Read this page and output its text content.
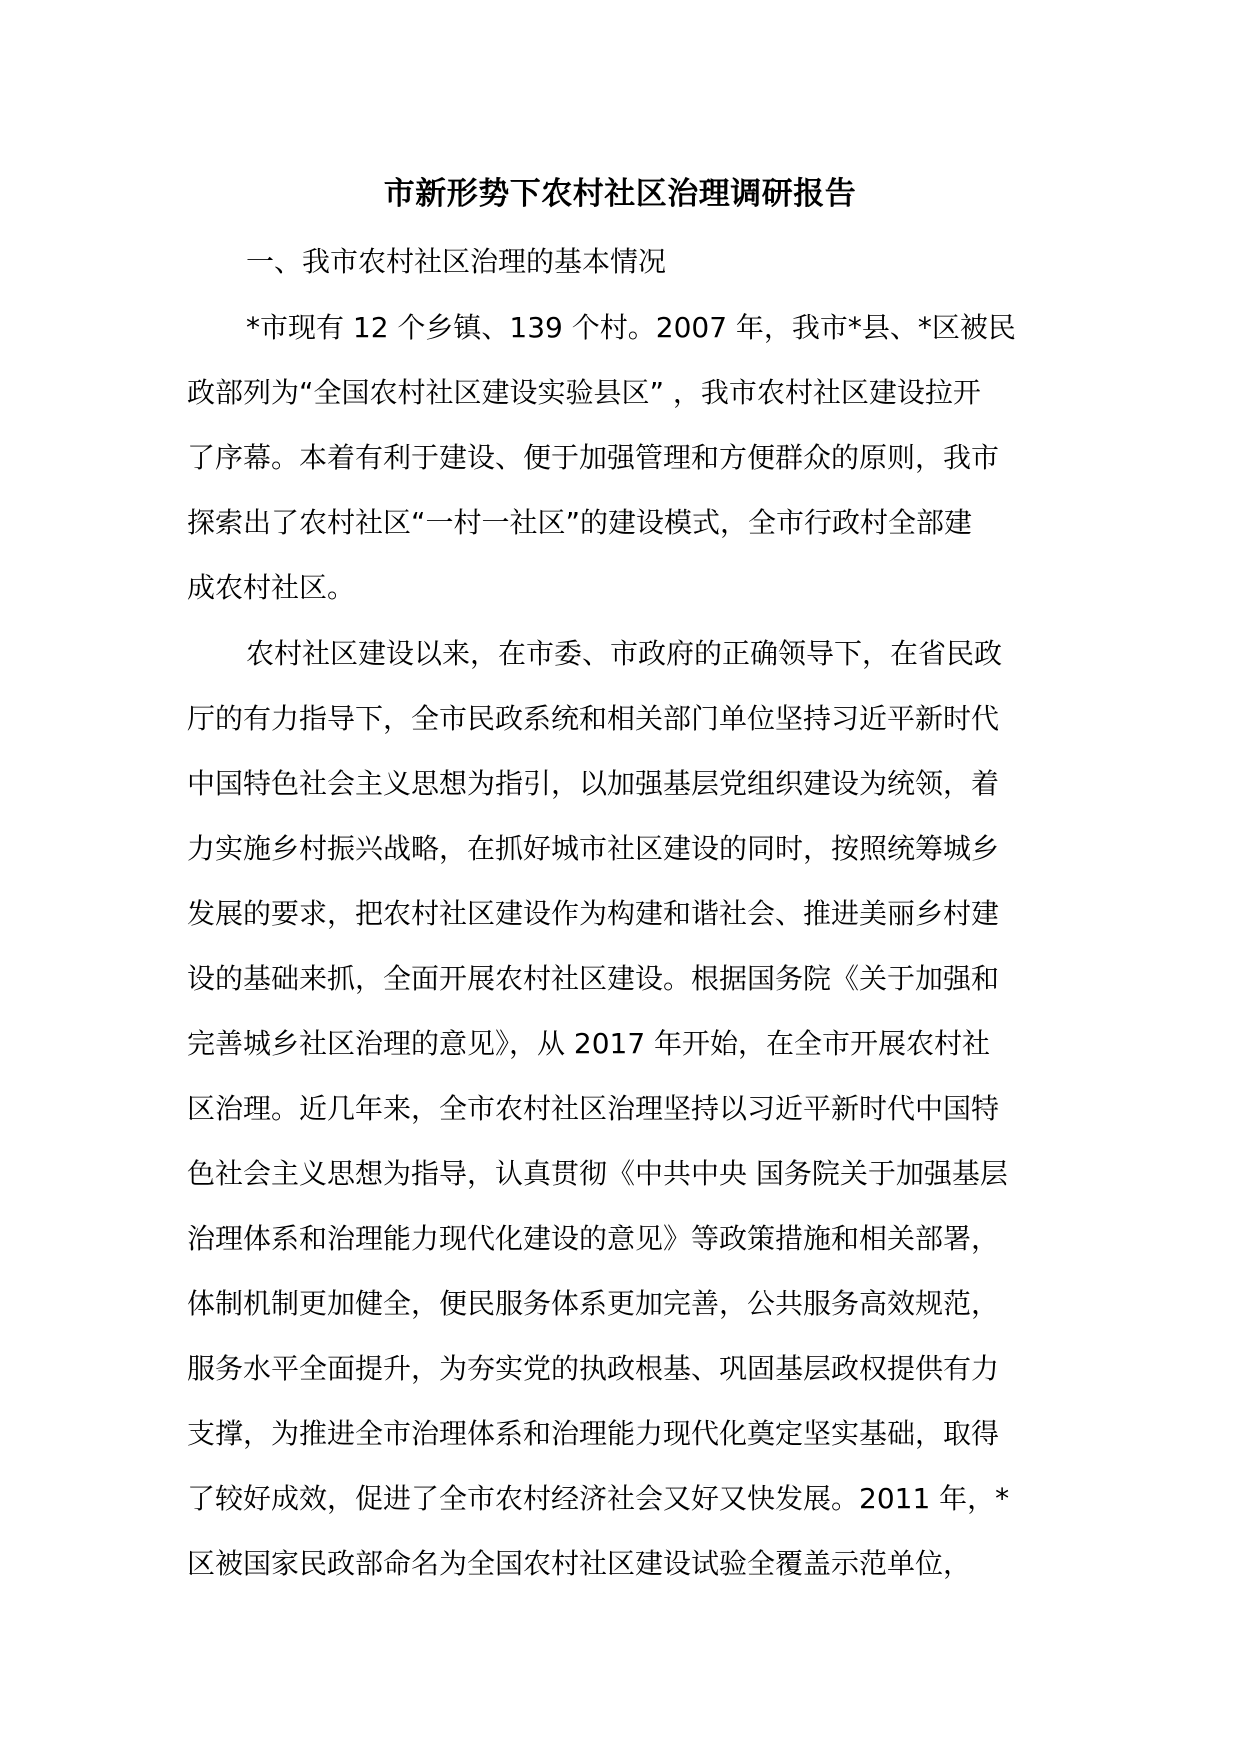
市新形势下农村社区治理调研报告
一、我市农村社区治理的基本情况
*市现有 12 个乡镇、139 个村。2007 年，我市*县、*区被民
政部列为“全国农村社区建设实验县区” ，我市农村社区建设拉开
了序幕。本着有利于建设、便于加强管理和方便群众的原则，我市
探索出了农村社区“一村一社区”的建设模式，全市行政村全部建
成农村社区。
农村社区建设以来，在市委、市政府的正确领导下，在省民政
厅的有力指导下，全市民政系统和相关部门单位坚持习近平新时代
中国特色社会主义思想为指引，以加强基层党组织建设为统领，着
力实施乡村振兴战略，在抓好城市社区建设的同时，按照统筹城乡
发展的要求，把农村社区建设作为构建和谐社会、推进美丽乡村建
设的基础来抓，全面开展农村社区建设。根据国务院《关于加强和
完善城乡社区治理的意见》，从 2017 年开始，在全市开展农村社
区治理。近几年来，全市农村社区治理坚持以习近平新时代中国特
色社会主义思想为指导，认真贯彻《中共中央 国务院关于加强基层
治理体系和治理能力现代化建设的意见》等政策措施和相关部署，
体制机制更加健全，便民服务体系更加完善，公共服务高效规范，
服务水平全面提升，为夯实党的执政根基、巩固基层政权提供有力
支撑，为推进全市治理体系和治理能力现代化奠定坚实基础，取得
了较好成效，促进了全市农村经济社会又好又快发展。2011 年，*
区被国家民政部命名为全国农村社区建设试验全覆盖示范单位，
